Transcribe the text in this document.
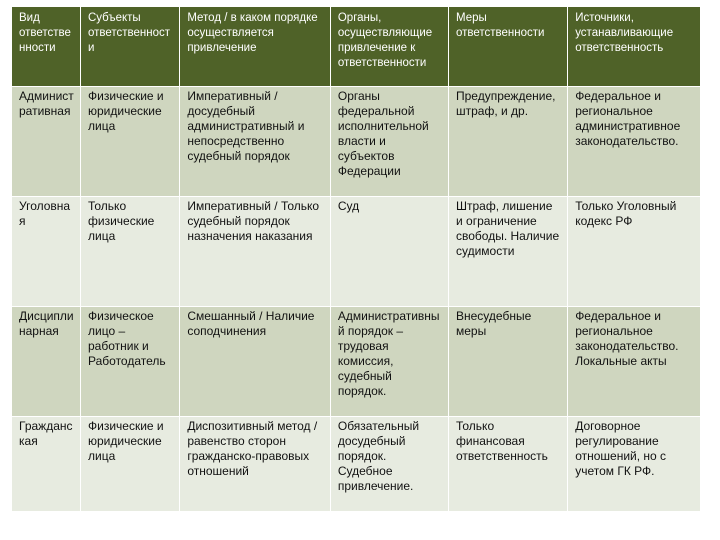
Вид ответственности	Субъекты ответственности	Метод / в каком порядке осуществляется привлечение	Органы, осуществляющие привлечение к ответственности	Меры ответственности	Источники, устанавливающие ответственность
Административная	Физические и юридические лица	Императивный / досудебный административный и непосредственно судебный порядок	Органы федеральной исполнительной власти и субъектов Федерации	Предупреждение, штраф, и др.	Федеральное и региональное административное законодательство.
Уголовная	Только физические лица	Императивный / Только судебный порядок назначения наказания	Суд	Штраф, лишение и ограничение свободы. Наличие судимости	Только Уголовный кодекс РФ
Дисциплинарная	Физическое лицо – работник и Работодатель	Смешанный / Наличие соподчинения	Административный порядок – трудовая комиссия, судебный порядок.	Внесудебные меры	Федеральное и региональное законодательство. Локальные акты
Гражданская	Физические и юридические лица	Диспозитивный метод / равенство сторон гражданско-правовых отношений	Обязательный досудебный порядок. Судебное привлечение.	Только финансовая ответственность	Договорное регулирование отношений, но с учетом ГК РФ.
